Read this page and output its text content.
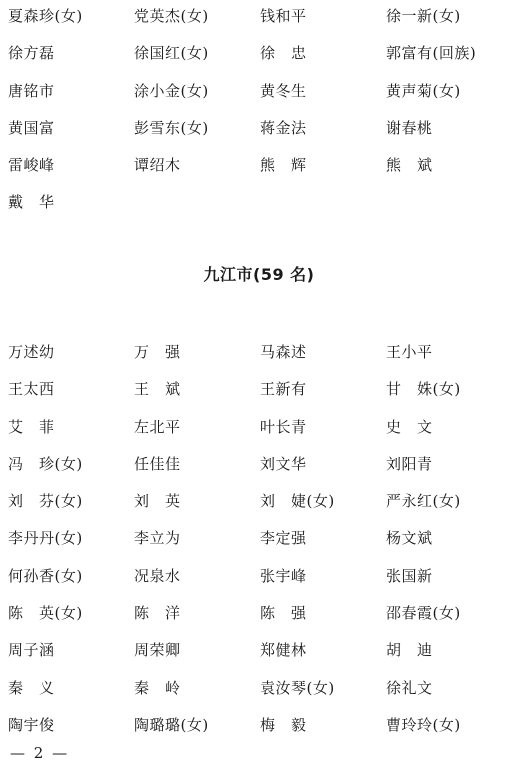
夏森珍(女)	党英杰(女)	钱和平	徐一新(女)
徐方磊	徐国红(女)	徐　忠	郭富有(回族)
唐铭市	涂小金(女)	黄冬生	黄声菊(女)
黄国富	彭雪东(女)	蒋金法	谢春桃
雷峻峰	谭绍木	熊　辉	熊　斌
戴　华
九江市(59 名)
万述幼	万　强	马森述	王小平
王太西	王　斌	王新有	甘　姝(女)
艾　菲	左北平	叶长青	史　文
冯　珍(女)	任佳佳	刘文华	刘阳青
刘　芬(女)	刘　英	刘　婕(女)	严永红(女)
李丹丹(女)	李立为	李定强	杨文斌
何孙香(女)	况泉水	张宇峰	张国新
陈　英(女)	陈　洋	陈　强	邵春霞(女)
周子涵	周荣卿	郑健林	胡　迪
秦　义	秦　岭	袁汝琴(女)	徐礼文
陶宇俊	陶璐璐(女)	梅　毅	曹玲玲(女)
— 2 —
